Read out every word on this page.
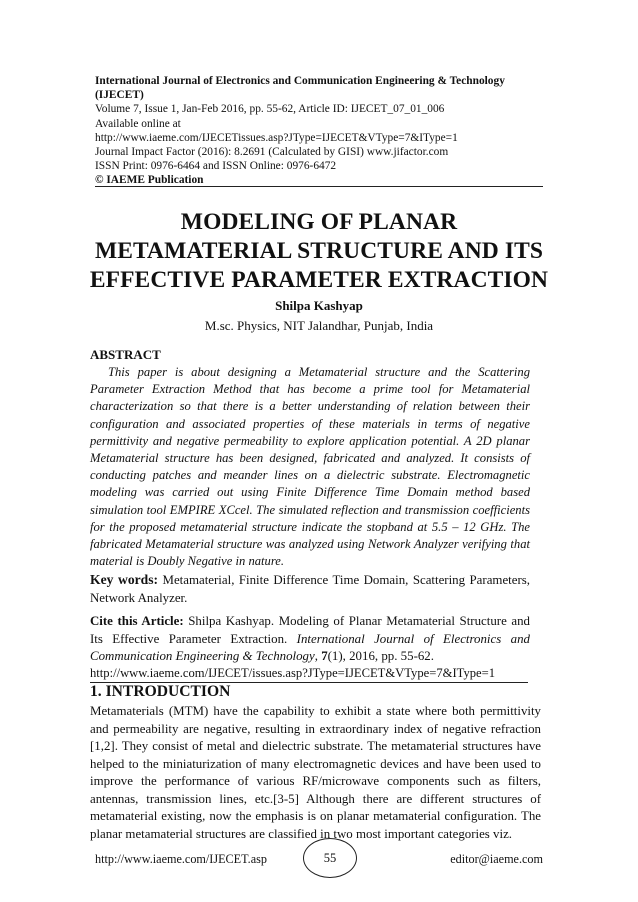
International Journal of Electronics and Communication Engineering & Technology (IJECET)
Volume 7, Issue 1, Jan-Feb 2016, pp. 55-62, Article ID: IJECET_07_01_006
Available online at
http://www.iaeme.com/IJECETissues.asp?JType=IJECET&VType=7&IType=1
Journal Impact Factor (2016): 8.2691 (Calculated by GISI) www.jifactor.com
ISSN Print: 0976-6464 and ISSN Online: 0976-6472
© IAEME Publication
MODELING OF PLANAR METAMATERIAL STRUCTURE AND ITS EFFECTIVE PARAMETER EXTRACTION
Shilpa Kashyap
M.sc. Physics, NIT Jalandhar, Punjab, India
ABSTRACT
This paper is about designing a Metamaterial structure and the Scattering Parameter Extraction Method that has become a prime tool for Metamaterial characterization so that there is a better understanding of relation between their configuration and associated properties of these materials in terms of negative permittivity and negative permeability to explore application potential. A 2D planar Metamaterial structure has been designed, fabricated and analyzed. It consists of conducting patches and meander lines on a dielectric substrate. Electromagnetic modeling was carried out using Finite Difference Time Domain method based simulation tool EMPIRE XCcel. The simulated reflection and transmission coefficients for the proposed metamaterial structure indicate the stopband at 5.5 – 12 GHz. The fabricated Metamaterial structure was analyzed using Network Analyzer verifying that material is Doubly Negative in nature.
Key words: Metamaterial, Finite Difference Time Domain, Scattering Parameters, Network Analyzer.
Cite this Article: Shilpa Kashyap. Modeling of Planar Metamaterial Structure and Its Effective Parameter Extraction. International Journal of Electronics and Communication Engineering & Technology, 7(1), 2016, pp. 55-62.
http://www.iaeme.com/IJECET/issues.asp?JType=IJECET&VType=7&IType=1
1. INTRODUCTION
Metamaterials (MTM) have the capability to exhibit a state where both permittivity and permeability are negative, resulting in extraordinary index of negative refraction [1,2]. They consist of metal and dielectric substrate. The metamaterial structures have helped to the miniaturization of many electromagnetic devices and have been used to improve the performance of various RF/microwave components such as filters, antennas, transmission lines, etc.[3-5] Although there are different structures of metamaterial existing, now the emphasis is on planar metamaterial configuration. The planar metamaterial structures are classified in two most important categories viz.
http://www.iaeme.com/IJECET.asp	55	editor@iaeme.com
